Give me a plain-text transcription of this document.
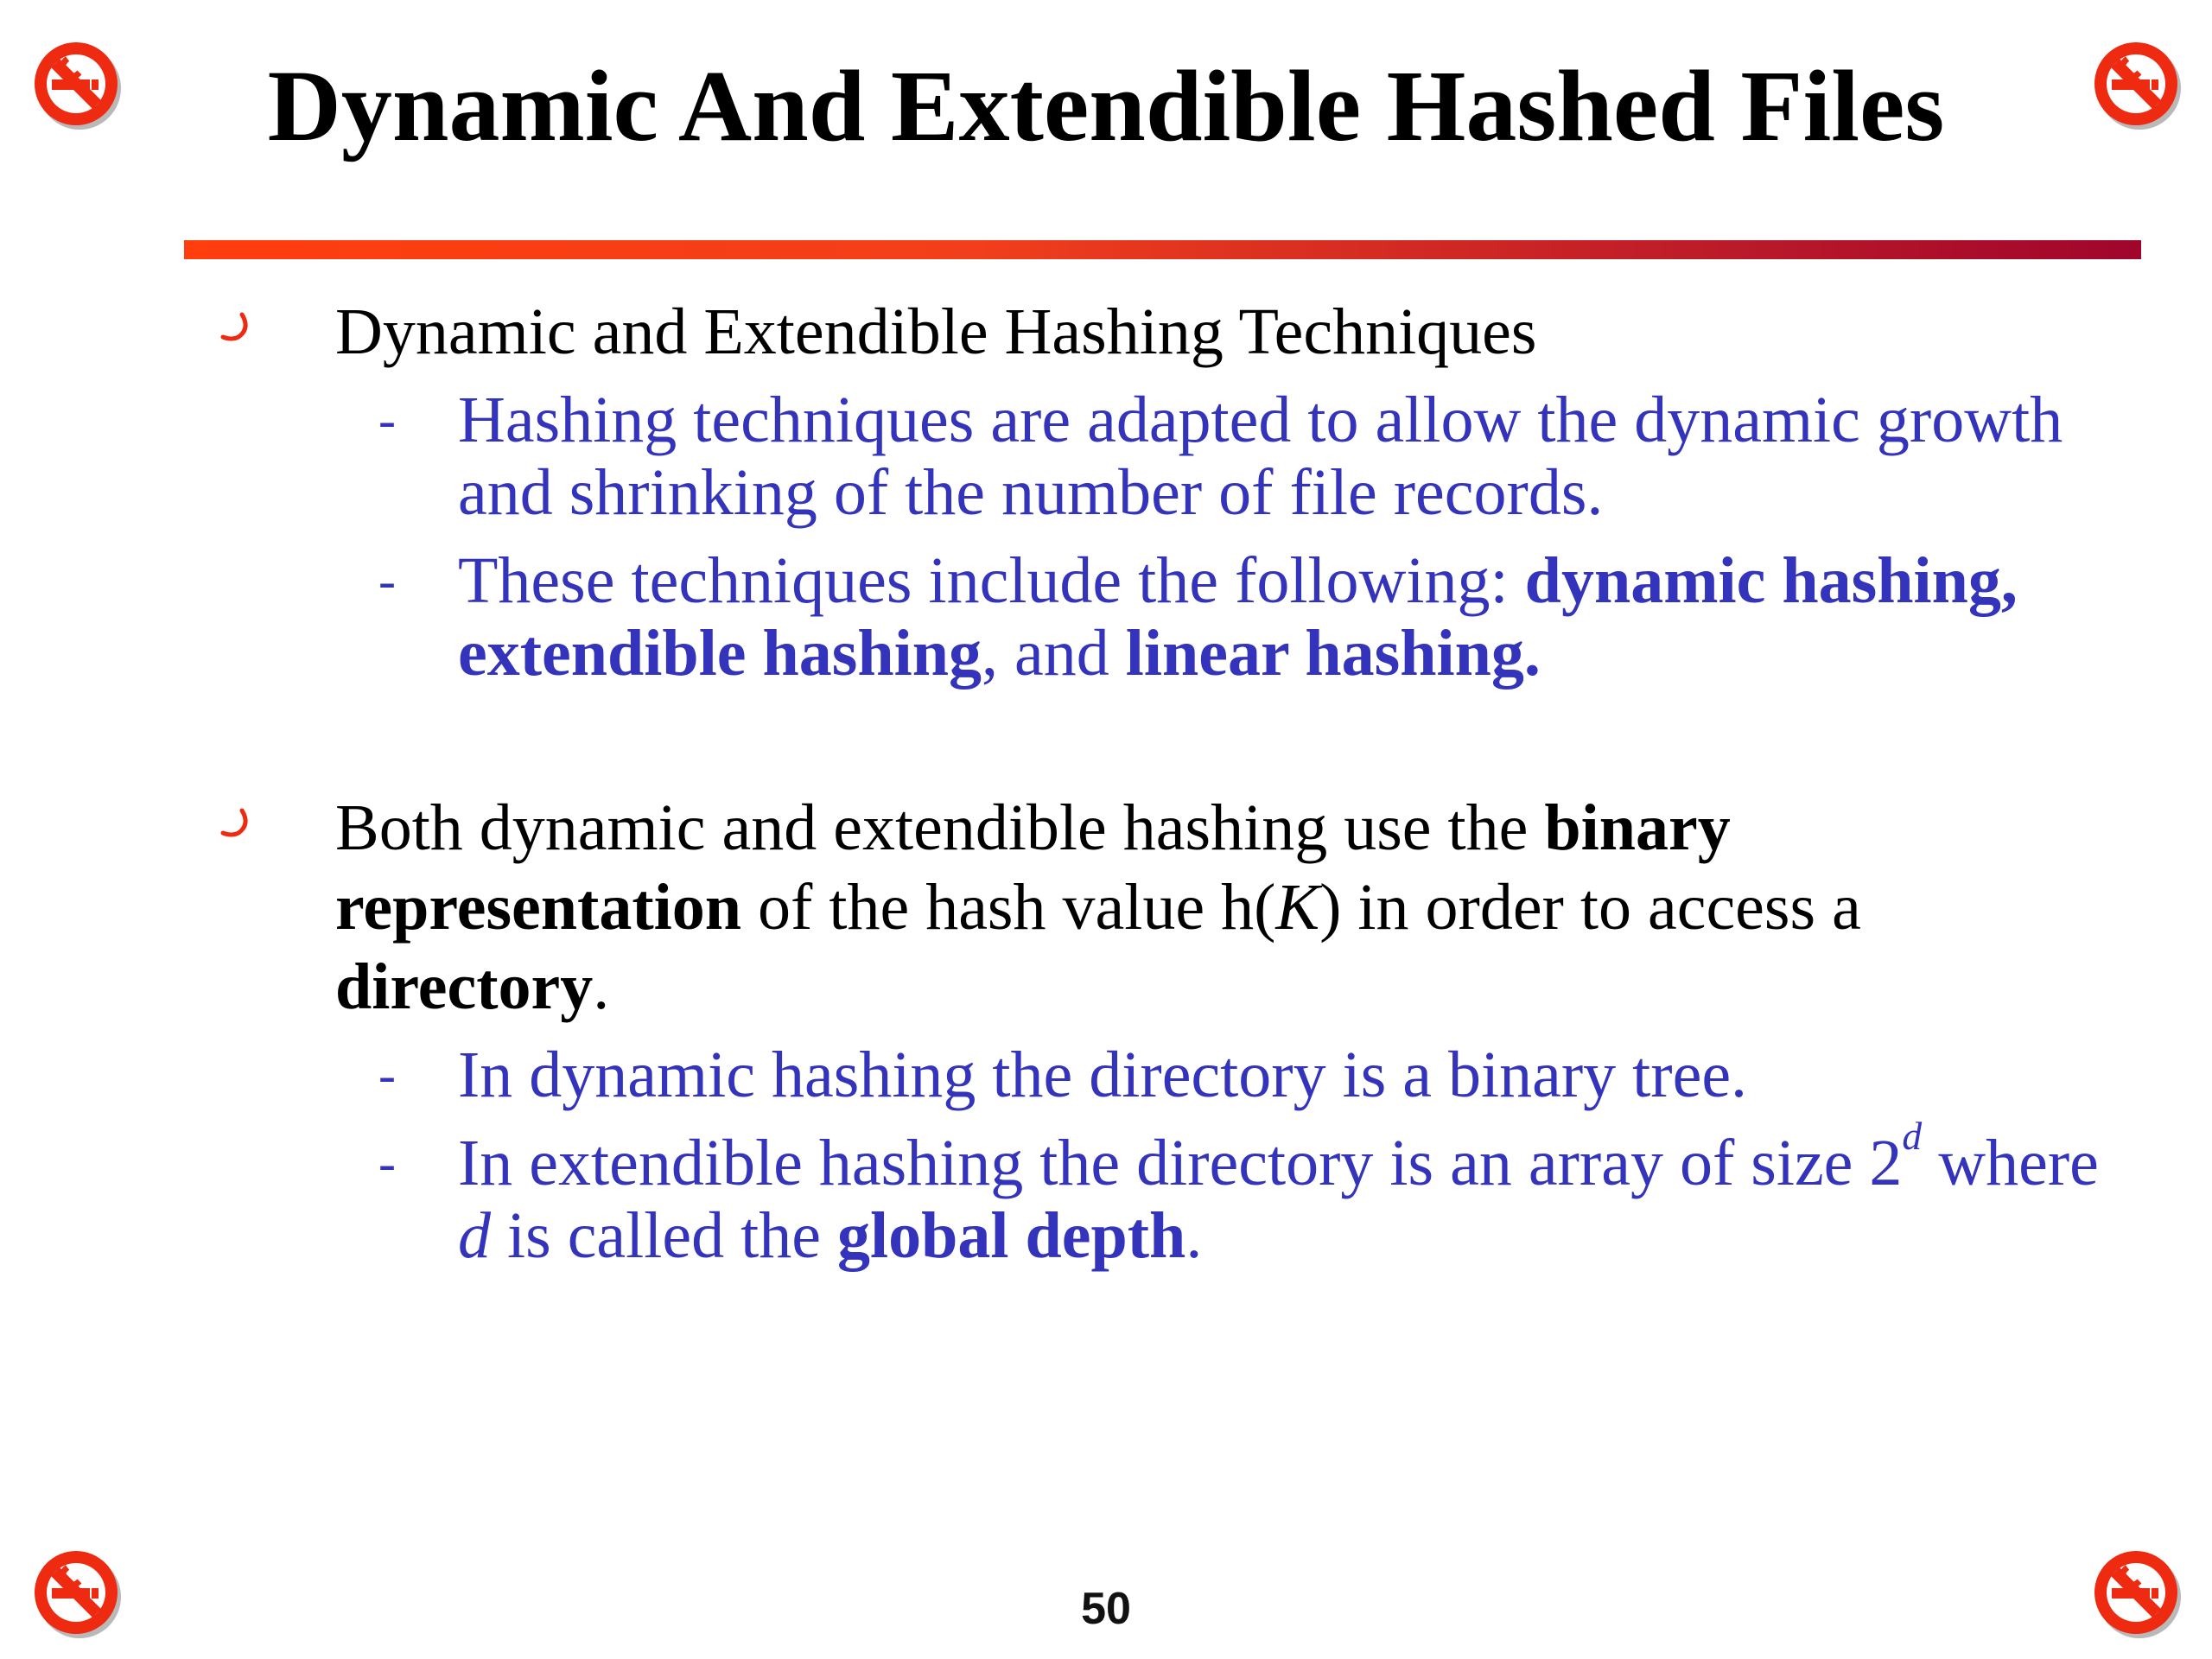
Dynamic And Extendible Hashed Files
Dynamic and Extendible Hashing Techniques
- Hashing techniques are adapted to allow the dynamic growth and shrinking of the number of file records.
- These techniques include the following: dynamic hashing, extendible hashing, and linear hashing.
Both dynamic and extendible hashing use the binary representation of the hash value h(K) in order to access a directory.
- In dynamic hashing the directory is a binary tree.
- In extendible hashing the directory is an array of size 2$^d$ where d is called the global depth.
50
